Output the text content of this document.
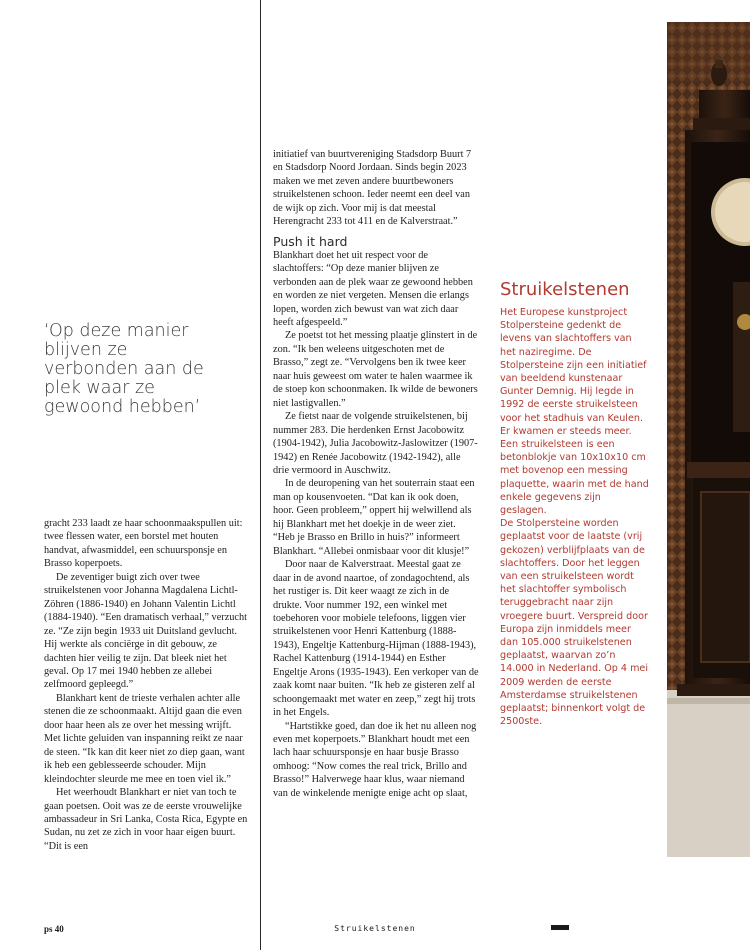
‘Op deze manier blijven ze verbonden aan de plek waar ze gewoond hebben’

gracht 233 laadt ze haar schoonmaakspullen uit: twee flessen water, een borstel met houten handvat, afwasmiddel, een schuursponsje en Brasso koperpoets.

De zeventiger buigt zich over twee struikelstenen voor Johanna Magdalena Lichtl-Zöhren (1886-1940) en Johann Valentin Lichtl (1884-1940). “Een dramatisch verhaal,” verzucht ze. “Ze zijn begin 1933 uit Duitsland gevlucht. Hij werkte als conciërge in dit gebouw, ze dachten hier veilig te zijn. Dat bleek niet het geval. Op 17 mei 1940 hebben ze allebei zelfmoord gepleegd.”

Blankhart kent de trieste verhalen achter alle stenen die ze schoonmaakt. Altijd gaan die even door haar heen als ze over het messing wrijft. Met lichte geluiden van inspanning reikt ze naar de steen. “Ik kan dit keer niet zo diep gaan, want ik heb een geblesseerde schouder. Mijn kleindochter sleurde me mee en toen viel ik.”

Het weerhoudt Blankhart er niet van toch te gaan poetsen. Ooit was ze de eerste vrouwelijke ambassadeur in Sri Lanka, Costa Rica, Egypte en Sudan, nu zet ze zich in voor haar eigen buurt. “Dit is een

initiatief van buurtvereniging Stadsdorp Buurt 7 en Stadsdorp Noord Jordaan. Sinds begin 2023 maken we met zeven andere buurtbewoners struikelstenen schoon. Ieder neemt een deel van de wijk op zich. Voor mij is dat meestal Herengracht 233 tot 411 en de Kalverstraat.”

Push it hard

Blankhart doet het uit respect voor de slachtoffers: “Op deze manier blijven ze verbonden aan de plek waar ze gewoond hebben en worden ze niet vergeten. Mensen die erlangs lopen, worden zich bewust van wat zich daar heeft afgespeeld.”

Ze poetst tot het messing plaatje glinstert in de zon. “Ik ben weleens uitgeschoten met de Brasso,” zegt ze. “Vervolgens ben ik twee keer naar huis geweest om water te halen waarmee ik de stoep kon schoonmaken. Ik wilde de bewoners niet lastigvallen.”

Ze fietst naar de volgende struikelstenen, bij nummer 283. Die herdenken Ernst Jacobowitz (1904-1942), Julia Jacobowitz-Jaslowitzer (1907-1942) en Renée Jacobowitz (1942-1942), alle drie vermoord in Auschwitz.

In de deuropening van het souterrain staat een man op kousenvoeten. “Dat kan ik ook doen, hoor. Geen probleem,” oppert hij welwillend als hij Blankhart met het doekje in de weer ziet. “Heb je Brasso en Brillo in huis?” informeert Blankhart. “Allebei onmisbaar voor dit klusje!”

Door naar de Kalverstraat. Meestal gaat ze daar in de avond naartoe, of zondagochtend, als het rustiger is. Dit keer waagt ze zich in de drukte. Voor nummer 192, een winkel met toebehoren voor mobiele telefoons, liggen vier struikelstenen voor Henri Kattenburg (1888-1943), Engeltje Kattenburg-Hijman (1888-1943), Rachel Kattenburg (1914-1944) en Esther Engeltje Arons (1935-1943). Een verkoper van de zaak komt naar buiten. “Ik heb ze gisteren zelf al schoongemaakt met water en zeep,” zegt hij trots in het Engels.

“Hartstikke goed, dan doe ik het nu alleen nog even met koperpoets.” Blankhart houdt met een lach haar schuursponsje en haar busje Brasso omhoog: “Now comes the real trick, Brillo and Brasso!” Halverwege haar klus, waar niemand van de winkelende menigte enige acht op slaat,

Struikelstenen

Het Europese kunstproject Stolpersteine gedenkt de levens van slachtoffers van het naziregime. De Stolpersteine zijn een initiatief van beeldend kunstenaar Gunter Demnig. Hij legde in 1992 de eerste struikelsteen voor het stadhuis van Keulen. Er kwamen er steeds meer. Een struikelsteen is een betonblokje van 10x10x10 cm met bovenop een messing plaquette, waarin met de hand enkele gegevens zijn geslagen.

De Stolpersteine worden geplaatst voor de laatste (vrij gekozen) verblijfplaats van de slachtoffers. Door het leggen van een struikelsteen wordt het slachtoffer symbolisch teruggebracht naar zijn vroegere buurt. Verspreid door Europa zijn inmiddels meer dan 105.000 struikelstenen geplaatst, waarvan zo’n 14.000 in Nederland. Op 4 mei 2009 werden de eerste Amsterdamse struikelstenen geplaatst; binnenkort volgt de 2500ste.

ps 40	Struikelstenen
